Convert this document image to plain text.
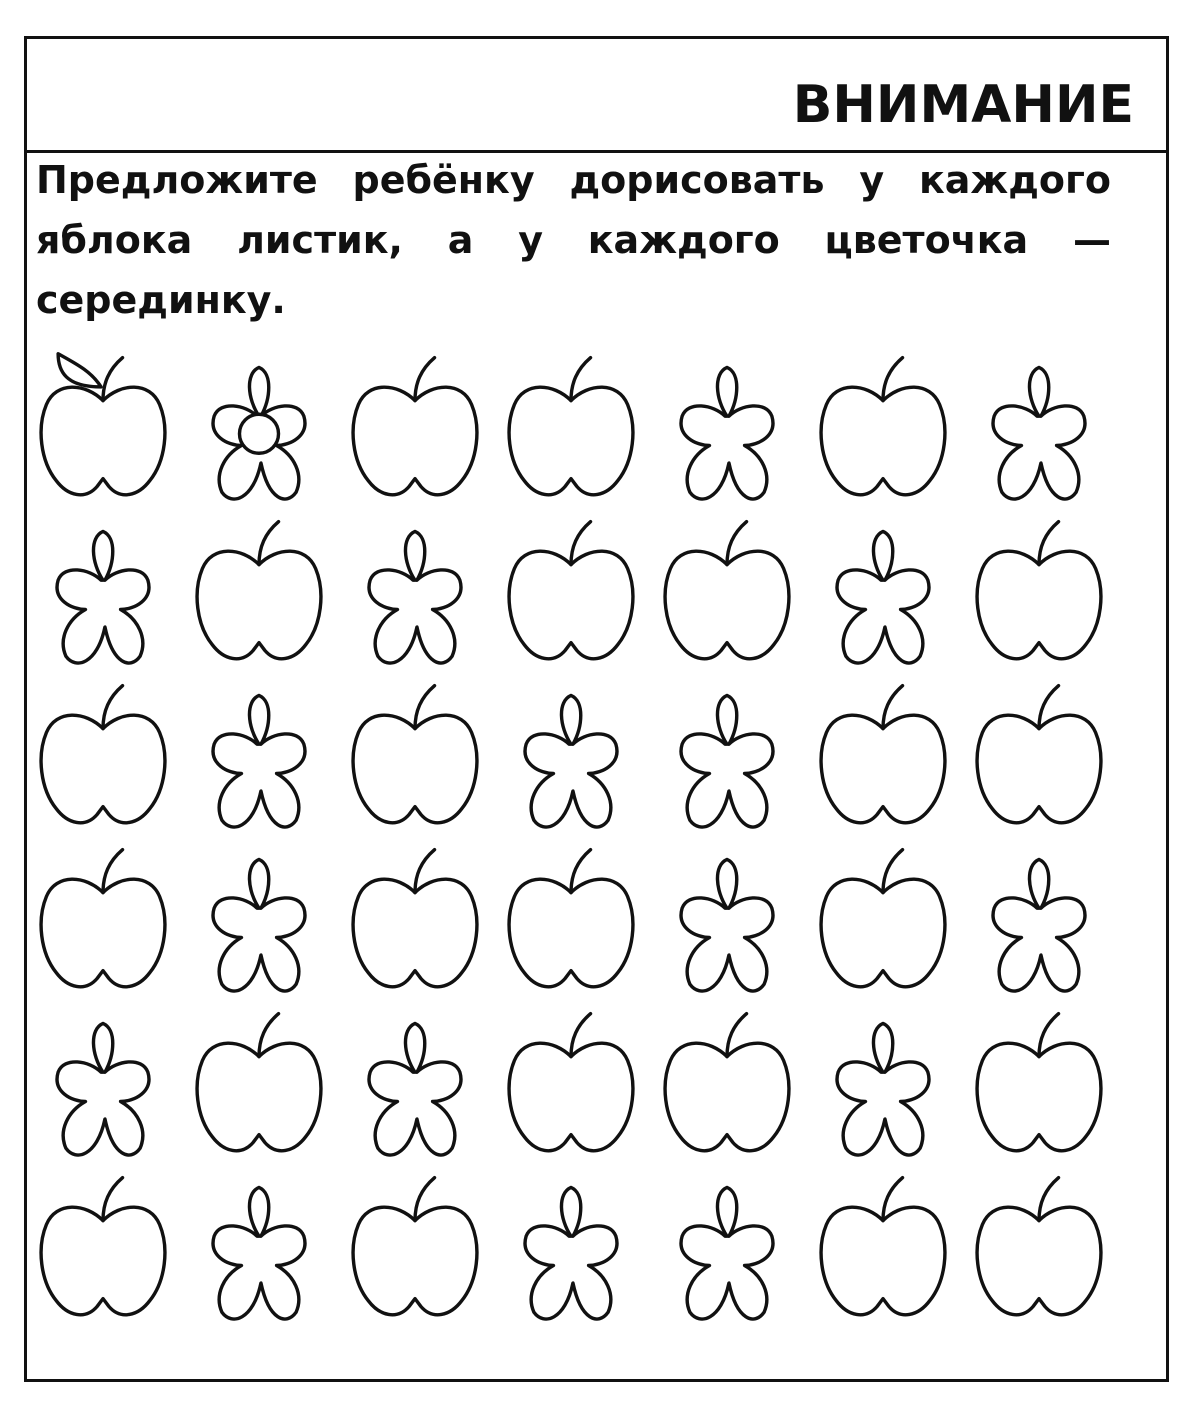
ВНИМАНИЕ
Предложите ребёнку дорисовать у каждого яблока листик, а у каждого цветочка — серединку.
